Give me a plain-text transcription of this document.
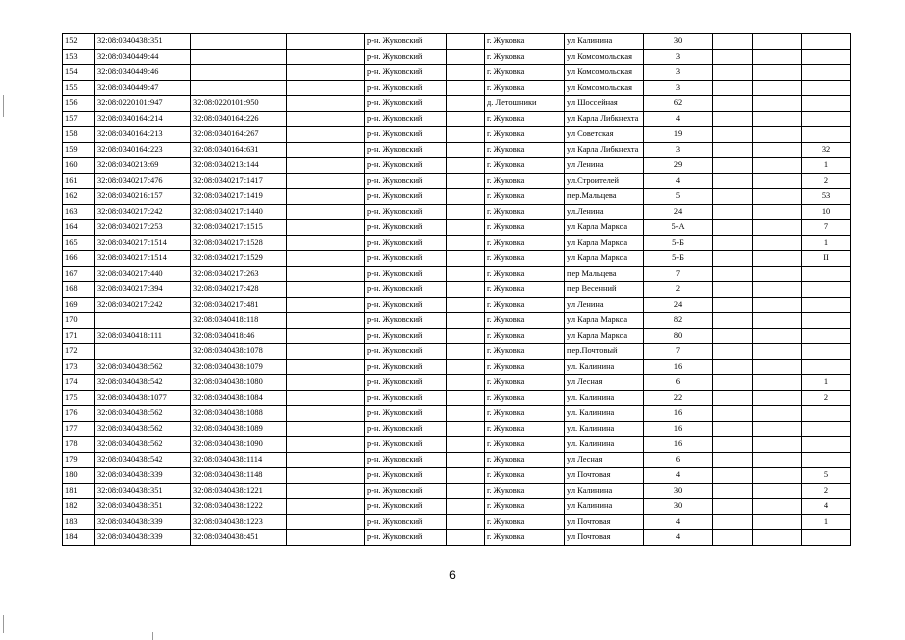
152	32:08:0340438:351			р-н. Жуковский		г. Жуковка	ул Калинина	30			
153	32:08:0340449:44			р-н. Жуковский		г. Жуковка	ул Комсомольская	3			
154	32:08:0340449:46			р-н. Жуковский		г. Жуковка	ул Комсомольская	3			
155	32:08:0340449:47			р-н. Жуковский		г. Жуковка	ул Комсомольская	3			
156	32:08:0220101:947	32:08:0220101:950		р-н. Жуковский		д. Летошники	ул Шоссейная	62			
157	32:08:0340164:214	32:08:0340164:226		р-н. Жуковский		г. Жуковка	ул Карла Либкнехта	4			
158	32:08:0340164:213	32:08:0340164:267		р-н. Жуковский		г. Жуковка	ул Советская	19			
159	32:08:0340164:223	32:08:0340164:631		р-н. Жуковский		г. Жуковка	ул Карла Либкнехта	3			32
160	32:08:0340213:69	32:08:0340213:144		р-н. Жуковский		г. Жуковка	ул Ленина	29			1
161	32:08:0340217:476	32:08:0340217:1417		р-н. Жуковский		г. Жуковка	ул.Строителей	4			2
162	32:08:0340216:157	32:08:0340217:1419		р-н. Жуковский		г. Жуковка	пер.Мальцева	5			53
163	32:08:0340217:242	32:08:0340217:1440		р-н. Жуковский		г. Жуковка	ул.Ленина	24			10
164	32:08:0340217:253	32:08:0340217:1515		р-н. Жуковский		г. Жуковка	ул Карла Маркса	5-А			7
165	32:08:0340217:1514	32:08:0340217:1528		р-н. Жуковский		г. Жуковка	ул Карла Маркса	5-Б			1
166	32:08:0340217:1514	32:08:0340217:1529		р-н. Жуковский		г. Жуковка	ул Карла Маркса	5-Б			II
167	32:08:0340217:440	32:08:0340217:263		р-н. Жуковский		г. Жуковка	пер Мальцева	7			
168	32:08:0340217:394	32:08:0340217:428		р-н. Жуковский		г. Жуковка	пер Весенний	2			
169	32:08:0340217:242	32:08:0340217:481		р-н. Жуковский		г. Жуковка	ул Ленина	24			
170		32:08:0340418:118		р-н. Жуковский		г. Жуковка	ул Карла Маркса	82			
171	32:08:0340418:111	32:08:0340418:46		р-н. Жуковский		г. Жуковка	ул Карла Маркса	80			
172		32:08:0340438:1078		р-н. Жуковский		г. Жуковка	пер.Почтовый	7			
173	32:08:0340438:562	32:08:0340438:1079		р-н. Жуковский		г. Жуковка	ул. Калинина	16			
174	32:08:0340438:542	32:08:0340438:1080		р-н. Жуковский		г. Жуковка	ул Лесная	6			1
175	32:08:0340438:1077	32:08:0340438:1084		р-н. Жуковский		г. Жуковка	ул. Калинина	22			2
176	32:08:0340438:562	32:08:0340438:1088		р-н. Жуковский		г. Жуковка	ул. Калинина	16			
177	32:08:0340438:562	32:08:0340438:1089		р-н. Жуковский		г. Жуковка	ул. Калинина	16			
178	32:08:0340438:562	32:08:0340438:1090		р-н. Жуковский		г. Жуковка	ул. Калинина	16			
179	32:08:0340438:542	32:08:0340438:1114		р-н. Жуковский		г. Жуковка	ул Лесная	6			
180	32:08:0340438:339	32:08:0340438:1148		р-н. Жуковский		г. Жуковка	ул Почтовая	4			5
181	32:08:0340438:351	32:08:0340438:1221		р-н. Жуковский		г. Жуковка	ул Калинина	30			2
182	32:08:0340438:351	32:08:0340438:1222		р-н. Жуковский		г. Жуковка	ул Калинина	30			4
183	32:08:0340438:339	32:08:0340438:1223		р-н. Жуковский		г. Жуковка	ул Почтовая	4			1
184	32:08:0340438:339	32:08:0340438:451		р-н. Жуковский		г. Жуковка	ул Почтовая	4			
6
